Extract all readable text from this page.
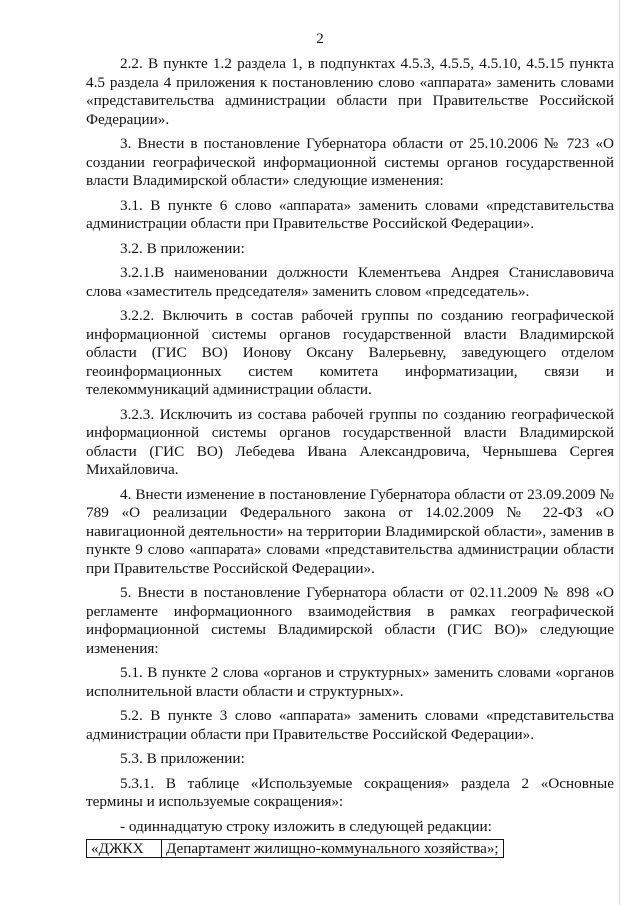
2

2.2. В пункте 1.2 раздела 1, в подпунктах 4.5.3, 4.5.5, 4.5.10, 4.5.15 пункта 4.5 раздела 4 приложения к постановлению слово «аппарата» заменить словами «представительства администрации области при Правительстве Российской Федерации».

3. Внести в постановление Губернатора области от 25.10.2006 № 723 «О создании географической информационной системы органов государственной власти Владимирской области» следующие изменения:

3.1. В пункте 6 слово «аппарата» заменить словами «представительства администрации области при Правительстве Российской Федерации».

3.2. В приложении:

3.2.1.В наименовании должности Клементьева Андрея Станиславовича слова «заместитель председателя» заменить словом «председатель».

3.2.2. Включить в состав рабочей группы по созданию географической информационной системы органов государственной власти Владимирской области (ГИС ВО) Ионову Оксану Валерьевну, заведующего отделом геоинформационных систем комитета информатизации, связи и телекоммуникаций администрации области.

3.2.3. Исключить из состава рабочей группы по созданию географической информационной системы органов государственной власти Владимирской области (ГИС ВО) Лебедева Ивана Александровича, Чернышева Сергея Михайловича.

4. Внести изменение в постановление Губернатора области от 23.09.2009 № 789 «О реализации Федерального закона от 14.02.2009 № 22-ФЗ «О навигационной деятельности» на территории Владимирской области», заменив в пункте 9 слово «аппарата» словами «представительства администрации области при Правительстве Российской Федерации».

5. Внести в постановление Губернатора области от 02.11.2009 № 898 «О регламенте информационного взаимодействия в рамках географической информационной системы Владимирской области (ГИС ВО)» следующие изменения:

5.1. В пункте 2 слова «органов и структурных» заменить словами «органов исполнительной власти области и структурных».

5.2. В пункте 3 слово «аппарата» заменить словами «представительства администрации области при Правительстве Российской Федерации».

5.3. В приложении:

5.3.1. В таблице «Используемые сокращения» раздела 2 «Основные термины и используемые сокращения»:

- одиннадцатую строку изложить в следующей редакции:

«ДЖКХ	Департамент жилищно-коммунального хозяйства»;
